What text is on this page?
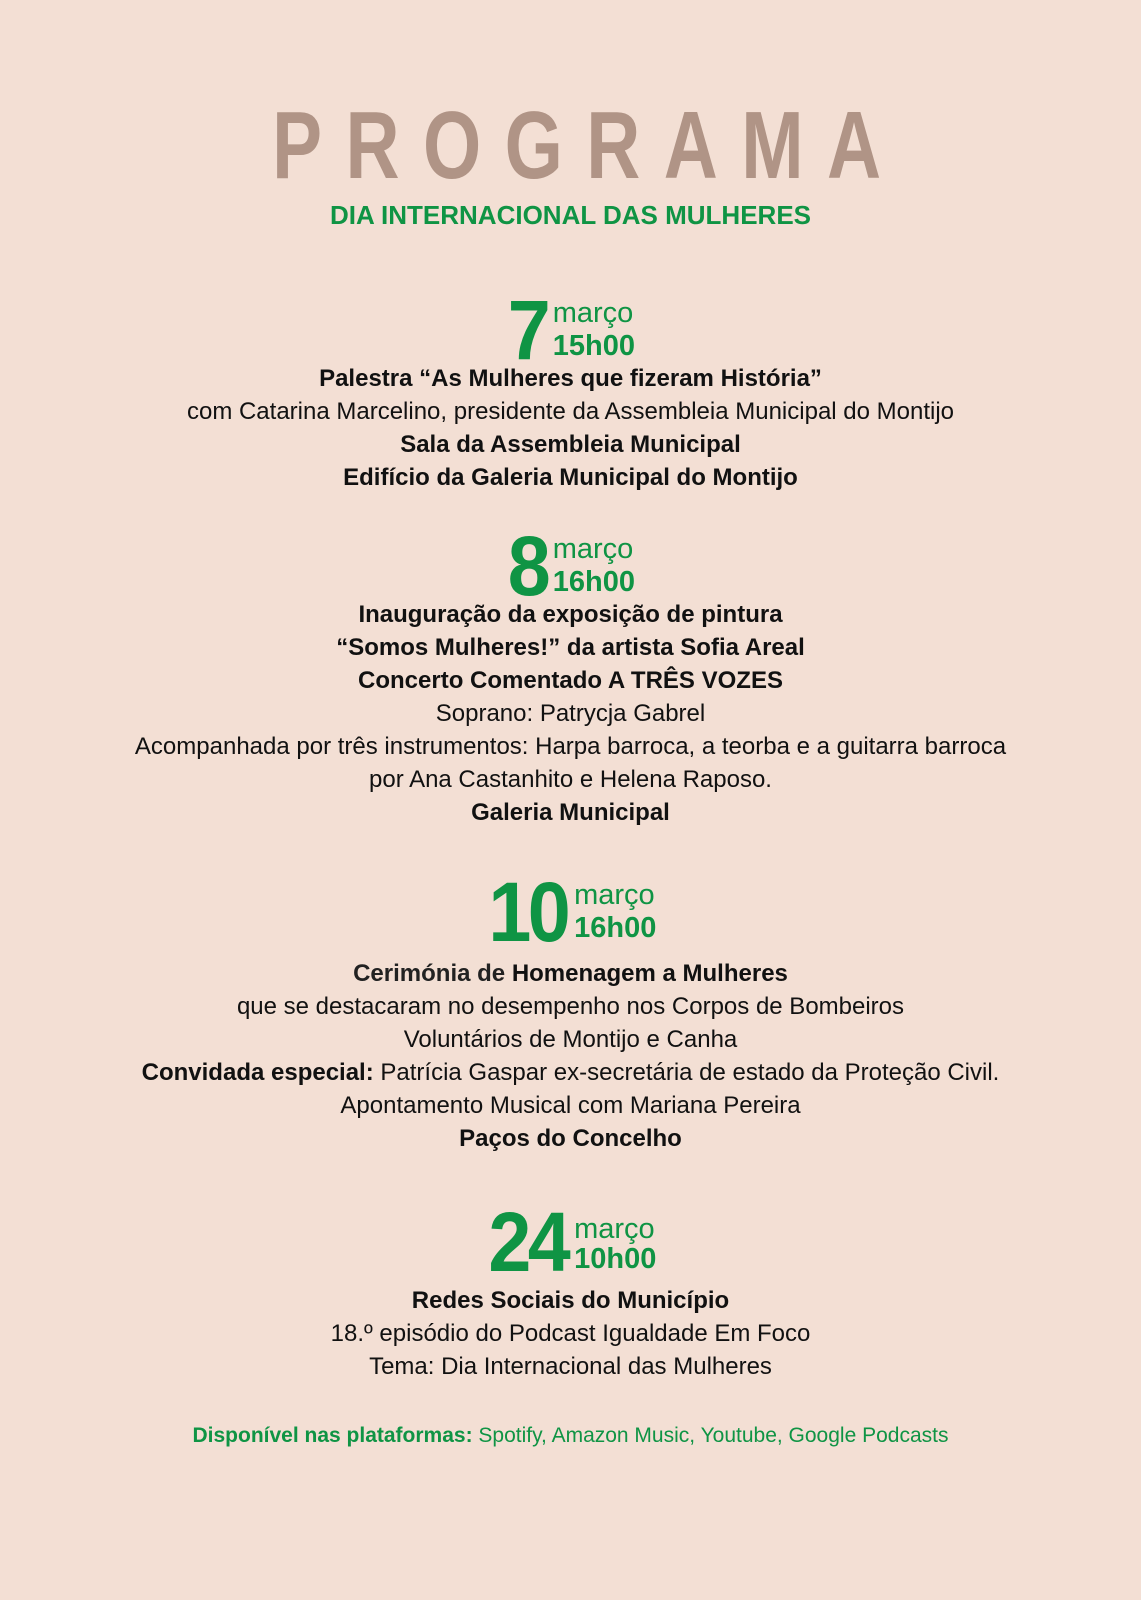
PROGRAMA
DIA INTERNACIONAL DAS MULHERES
7 março
15h00
Palestra “As Mulheres que fizeram História”
com Catarina Marcelino, presidente da Assembleia Municipal do Montijo
Sala da Assembleia Municipal
Edifício da Galeria Municipal do Montijo
8 março
16h00
Inauguração da exposição de pintura
“Somos Mulheres!” da artista Sofia Areal
Concerto Comentado A TRÊS VOZES
Soprano: Patrycja Gabrel
Acompanhada por três instrumentos: Harpa barroca, a teorba e a guitarra barroca
por Ana Castanhito e Helena Raposo.
Galeria Municipal
10 março
16h00
Cerimónia de Homenagem a Mulheres
que se destacaram no desempenho nos Corpos de Bombeiros
Voluntários de Montijo e Canha
Convidada especial: Patrícia Gaspar ex-secretária de estado da Proteção Civil.
Apontamento Musical com Mariana Pereira
Paços do Concelho
24 março
10h00
Redes Sociais do Município
18.º episódio do Podcast Igualdade Em Foco
Tema: Dia Internacional das Mulheres
Disponível nas plataformas: Spotify, Amazon Music, Youtube, Google Podcasts
